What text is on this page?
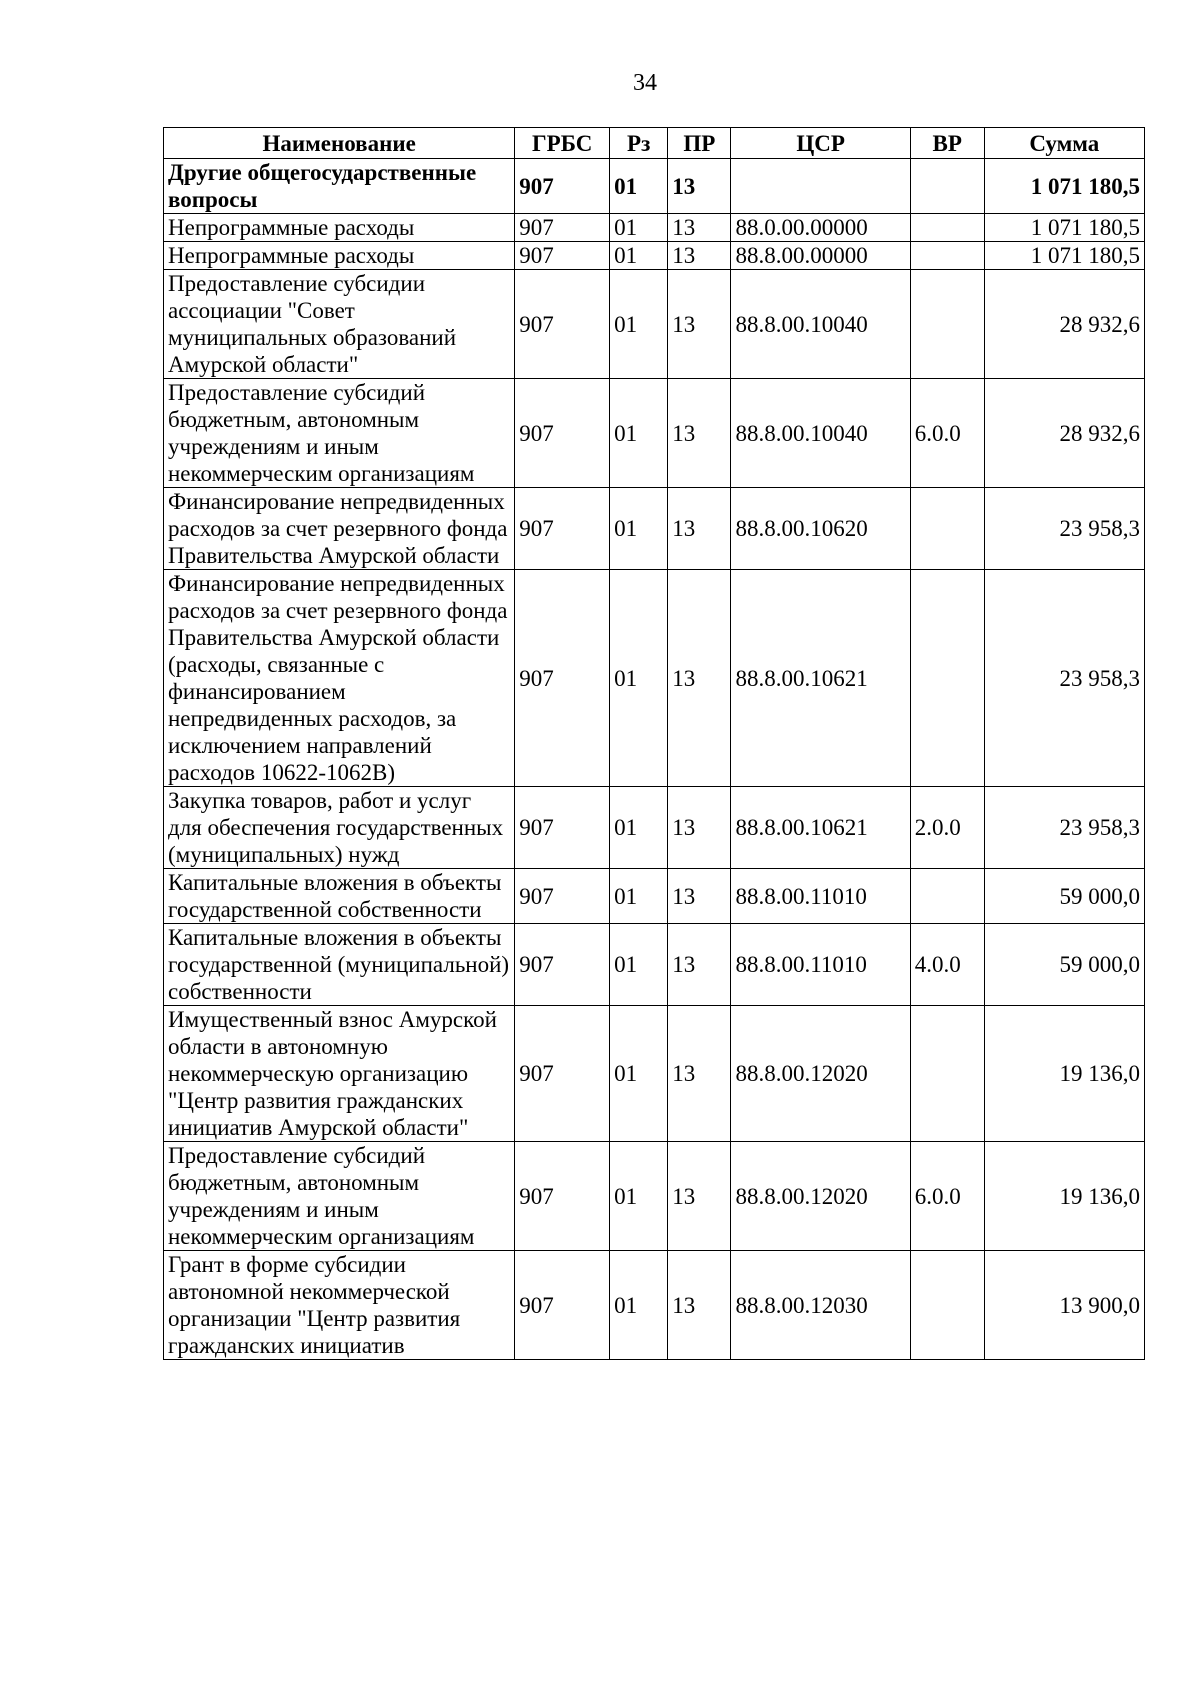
34
Наименование	ГРБС	Рз	ПР	ЦСР	ВР	Сумма
Другие общегосударственные вопросы	907	01	13			1 071 180,5
Непрограммные расходы	907	01	13	88.0.00.00000		1 071 180,5
Непрограммные расходы	907	01	13	88.8.00.00000		1 071 180,5
Предоставление субсидии ассоциации "Совет муниципальных образований Амурской области"	907	01	13	88.8.00.10040		28 932,6
Предоставление субсидий бюджетным, автономным учреждениям и иным некоммерческим организациям	907	01	13	88.8.00.10040	6.0.0	28 932,6
Финансирование непредвиденных расходов за счет резервного фонда Правительства Амурской области	907	01	13	88.8.00.10620		23 958,3
Финансирование непредвиденных расходов за счет резервного фонда Правительства Амурской области (расходы, связанные с финансированием непредвиденных расходов, за исключением направлений расходов 10622-1062В)	907	01	13	88.8.00.10621		23 958,3
Закупка товаров, работ и услуг для обеспечения государственных (муниципальных) нужд	907	01	13	88.8.00.10621	2.0.0	23 958,3
Капитальные вложения в объекты государственной собственности	907	01	13	88.8.00.11010		59 000,0
Капитальные вложения в объекты государственной (муниципальной) собственности	907	01	13	88.8.00.11010	4.0.0	59 000,0
Имущественный взнос Амурской области в автономную некоммерческую организацию "Центр развития гражданских инициатив Амурской области"	907	01	13	88.8.00.12020		19 136,0
Предоставление субсидий бюджетным, автономным учреждениям и иным некоммерческим организациям	907	01	13	88.8.00.12020	6.0.0	19 136,0
Грант в форме субсидии автономной некоммерческой организации "Центр развития гражданских инициатив	907	01	13	88.8.00.12030		13 900,0
